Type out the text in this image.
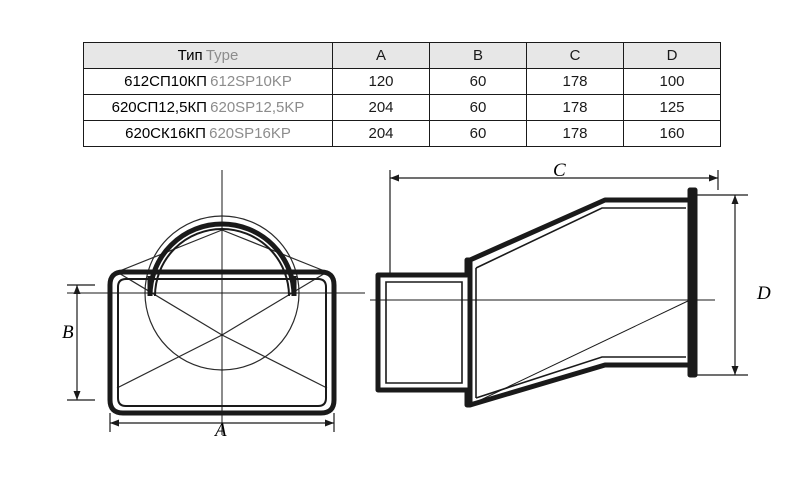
Тип Type	A	B	C	D
612СП10КП 612SP10KP	120	60	178	100
620СП12,5КП 620SP12,5KP	204	60	178	125
620СК16КП 620SP16KP	204	60	178	160
B
A
C
D
